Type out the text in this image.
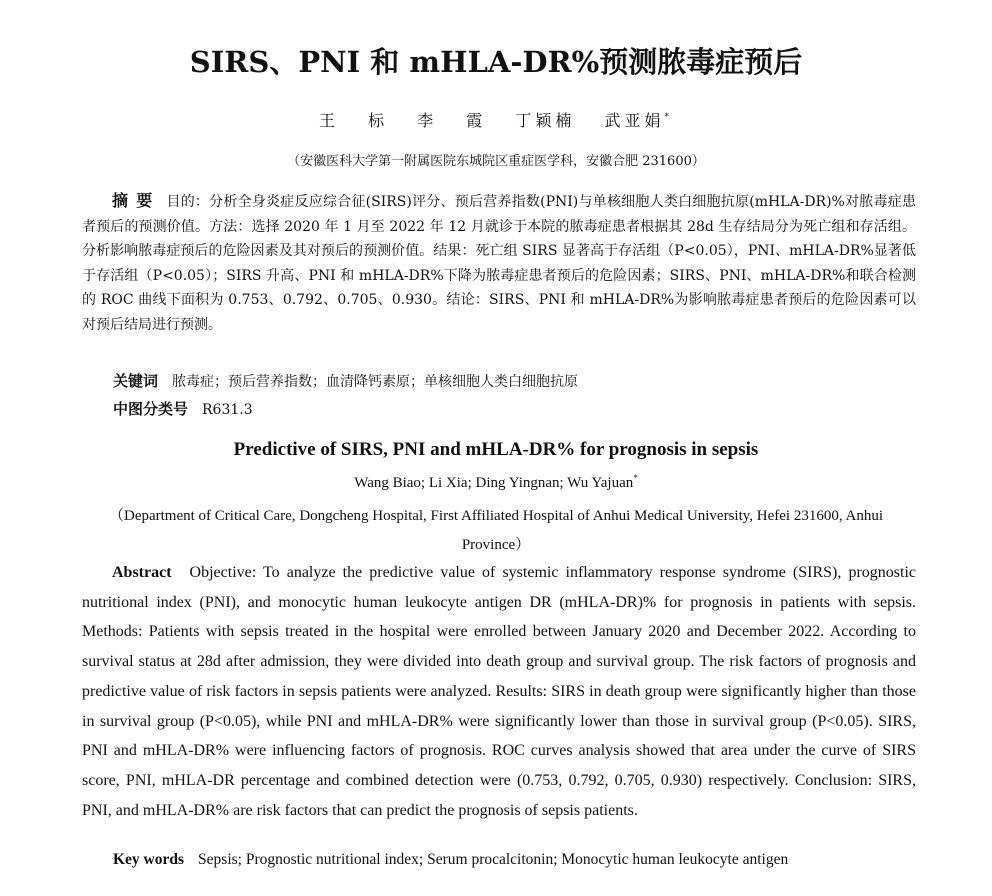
SIRS、PNI 和 mHLA-DR%预测脓毒症预后
王 标 李 霞 丁颖楠 武亚娟*
（安徽医科大学第一附属医院东城院区重症医学科，安徽合肥 231600）

摘要 目的：分析全身炎症反应综合征(SIRS)评分、预后营养指数(PNI)与单核细胞人类白细胞抗原(mHLA-DR)%对脓毒症患者预后的预测价值。方法：选择 2020 年 1 月至 2022 年 12 月就诊于本院的脓毒症患者根据其 28d 生存结局分为死亡组和存活组。分析影响脓毒症预后的危险因素及其对预后的预测价值。结果：死亡组 SIRS 显著高于存活组（P<0.05），PNI、mHLA-DR%显著低于存活组（P<0.05）；SIRS 升高、PNI 和 mHLA-DR%下降为脓毒症患者预后的危险因素；SIRS、PNI、mHLA-DR%和联合检测的 ROC 曲线下面积为 0.753、0.792、0.705、0.930。结论：SIRS、PNI 和 mHLA-DR%为影响脓毒症患者预后的危险因素可以对预后结局进行预测。

关键词 脓毒症；预后营养指数；血清降钙素原；单核细胞人类白细胞抗原

中图分类号 R631.3

Predictive of SIRS, PNI and mHLA-DR% for prognosis in sepsis
Wang Biao; Li Xia; Ding Yingnan; Wu Yajuan*

（Department of Critical Care, Dongcheng Hospital, First Affiliated Hospital of Anhui Medical University, Hefei 231600, Anhui Province）

Abstract Objective: To analyze the predictive value of systemic inflammatory response syndrome (SIRS), prognostic nutritional index (PNI), and monocytic human leukocyte antigen DR (mHLA-DR)% for prognosis in patients with sepsis. Methods: Patients with sepsis treated in the hospital were enrolled between January 2020 and December 2022. According to survival status at 28d after admission, they were divided into death group and survival group. The risk factors of prognosis and predictive value of risk factors in sepsis patients were analyzed. Results: SIRS in death group were significantly higher than those in survival group (P<0.05), while PNI and mHLA-DR% were significantly lower than those in survival group (P<0.05). SIRS, PNI and mHLA-DR% were influencing factors of prognosis. ROC curves analysis showed that area under the curve of SIRS score, PNI, mHLA-DR percentage and combined detection were (0.753, 0.792, 0.705, 0.930) respectively. Conclusion: SIRS, PNI, and mHLA-DR% are risk factors that can predict the prognosis of sepsis patients.

Key words Sepsis; Prognostic nutritional index; Serum procalcitonin; Monocytic human leukocyte antigen
